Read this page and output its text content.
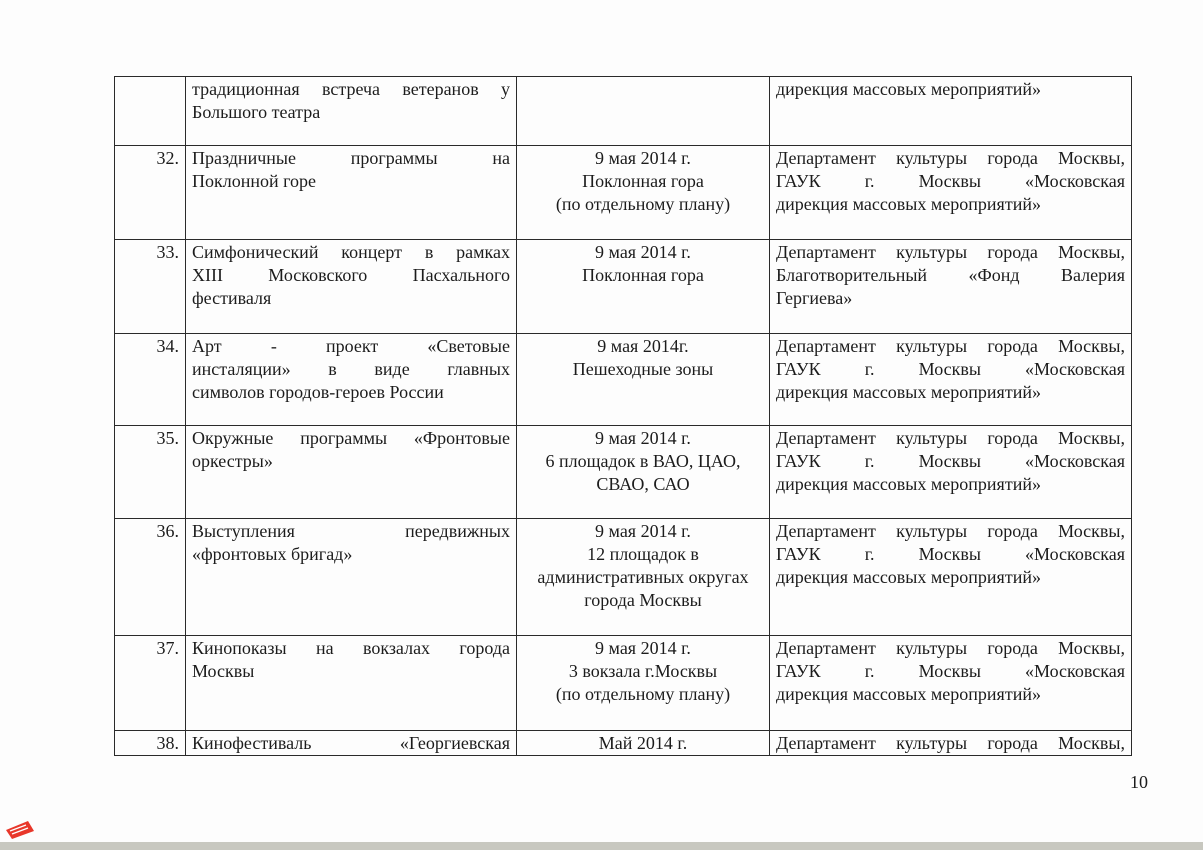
	традиционная встреча ветеранов у
Большого театра		дирекция массовых мероприятий»

32.	Праздничные программы на
Поклонной горе	9 мая 2014 г.
Поклонная гора
(по отдельному плану)	Департамент культуры города Москвы,
ГАУК г. Москвы «Московская
дирекция массовых мероприятий»

33.	Симфонический концерт в рамках
XIII Московского Пасхального
фестиваля	9 мая 2014 г.
Поклонная гора	Департамент культуры города Москвы,
Благотворительный «Фонд Валерия
Гергиева»

34.	Арт - проект «Световые
инсталяции» в виде главных
символов городов-героев России	9 мая 2014г.
Пешеходные зоны	Департамент культуры города Москвы,
ГАУК г. Москвы «Московская
дирекция массовых мероприятий»

35.	Окружные программы «Фронтовые
оркестры»	9 мая 2014 г.
6 площадок в ВАО, ЦАО,
СВАО, САО	Департамент культуры города Москвы,
ГАУК г. Москвы «Московская
дирекция массовых мероприятий»

36.	Выступления передвижных
«фронтовых бригад»	9 мая 2014 г.
12 площадок в
административных округах
города Москвы	Департамент культуры города Москвы,
ГАУК г. Москвы «Московская
дирекция массовых мероприятий»

37.	Кинопоказы на вокзалах города
Москвы	9 мая 2014 г.
3 вокзала г.Москвы
(по отдельному плану)	Департамент культуры города Москвы,
ГАУК г. Москвы «Московская
дирекция массовых мероприятий»

38.	Кинофестиваль «Георгиевская	Май 2014 г.	Департамент культуры города Москвы,
10
